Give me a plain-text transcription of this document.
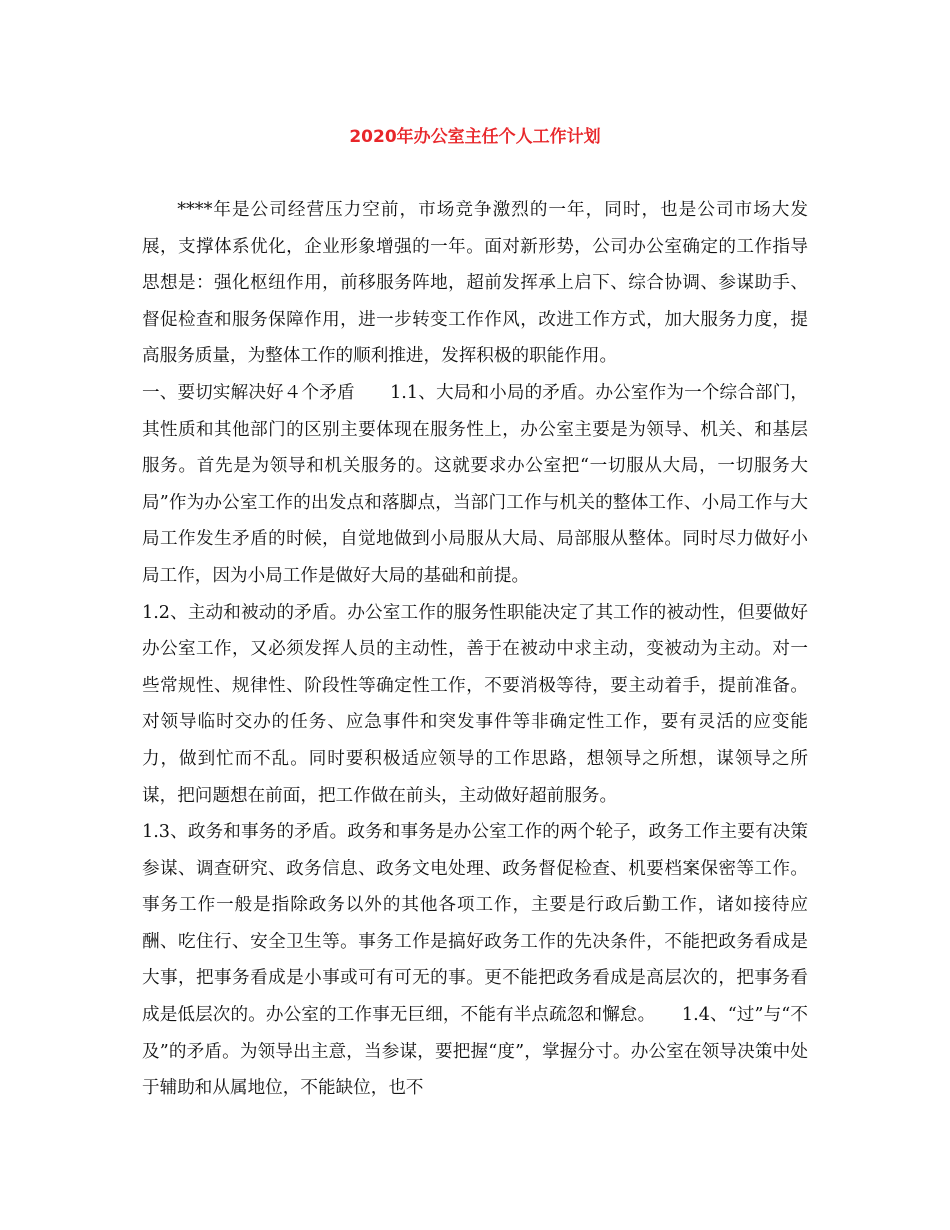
2020年办公室主任个人工作计划

****年是公司经营压力空前，市场竞争激烈的一年，同时，也是公司市场大发展，支撑体系优化，企业形象增强的一年。面对新形势，公司办公室确定的工作指导思想是：强化枢纽作用，前移服务阵地，超前发挥承上启下、综合协调、参谋助手、督促检查和服务保障作用，进一步转变工作作风，改进工作方式，加大服务力度，提高服务质量，为整体工作的顺利推进，发挥积极的职能作用。

一、要切实解决好４个矛盾　　1.1、大局和小局的矛盾。办公室作为一个综合部门，其性质和其他部门的区别主要体现在服务性上，办公室主要是为领导、机关、和基层服务。首先是为领导和机关服务的。这就要求办公室把“一切服从大局，一切服务大局”作为办公室工作的出发点和落脚点，当部门工作与机关的整体工作、小局工作与大局工作发生矛盾的时候，自觉地做到小局服从大局、局部服从整体。同时尽力做好小局工作，因为小局工作是做好大局的基础和前提。

1.2、主动和被动的矛盾。办公室工作的服务性职能决定了其工作的被动性，但要做好办公室工作，又必须发挥人员的主动性，善于在被动中求主动，变被动为主动。对一些常规性、规律性、阶段性等确定性工作，不要消极等待，要主动着手，提前准备。对领导临时交办的任务、应急事件和突发事件等非确定性工作，要有灵活的应变能力，做到忙而不乱。同时要积极适应领导的工作思路，想领导之所想，谋领导之所谋，把问题想在前面，把工作做在前头，主动做好超前服务。

1.3、政务和事务的矛盾。政务和事务是办公室工作的两个轮子，政务工作主要有决策参谋、调查研究、政务信息、政务文电处理、政务督促检查、机要档案保密等工作。事务工作一般是指除政务以外的其他各项工作，主要是行政后勤工作，诸如接待应酬、吃住行、安全卫生等。事务工作是搞好政务工作的先决条件，不能把政务看成是大事，把事务看成是小事或可有可无的事。更不能把政务看成是高层次的，把事务看成是低层次的。办公室的工作事无巨细，不能有半点疏忽和懈怠。　　1.4、“过”与“不及”的矛盾。为领导出主意，当参谋，要把握“度”，掌握分寸。办公室在领导决策中处于辅助和从属地位，不能缺位，也不
